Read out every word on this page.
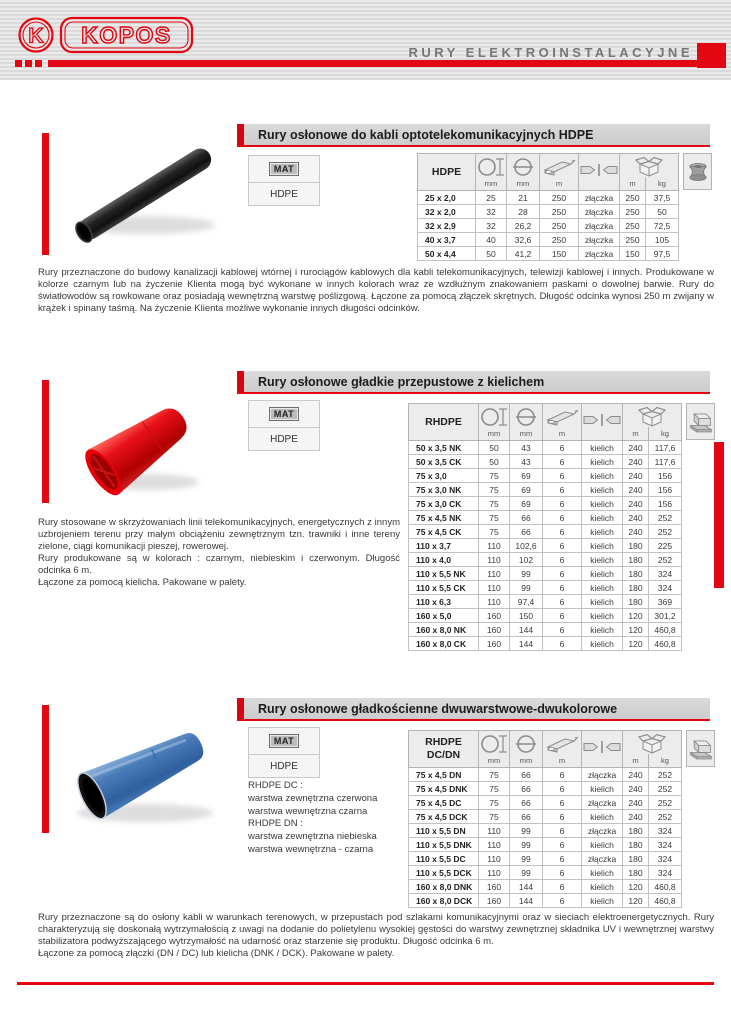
K KOPOS
RURY ELEKTROINSTALACYJNE
Rury osłonowe do kabli optotelekomunikacyjnych HDPE
MAT
HDPE
HDPE	

	mm	mm	m		m	kg
25 x 2,0	25	21	250	złączka	250	37,5
32 x 2,0	32	28	250	złączka	250	50
32 x 2,9	32	26,2	250	złączka	250	72,5
40 x 3,7	40	32,6	250	złączka	250	105
50 x 4,4	50	41,2	150	złączka	150	97,5

Rury przeznaczone do budowy kanalizacji kablowej wtórnej i rurociągów kablowych dla kabli telekomunikacyjnych, telewizji kablowej i innych. Produkowane w kolorze czarnym lub na życzenie Klienta mogą być wykonane w innych kolorach wraz ze wzdłużnym znakowaniem paskami o dowolnej barwie. Rury do światłowodów są rowkowane oraz posiadają wewnętrzną warstwę poślizgową. Łączone za pomocą złączek skrętnych. Długość odcinka wynosi 250 m zwijany w krążek i spinany taśmą. Na życzenie Klienta możliwe wykonanie innych długości odcinków.

Rury osłonowe gładkie przepustowe z kielichem
MAT
HDPE
RHDPE	

	mm	mm	m		m	kg
50 x 3,5 NK	50	43	6	kielich	240	117,6
50 x 3,5 CK	50	43	6	kielich	240	117,6
75 x 3,0	75	69	6	kielich	240	156
75 x 3,0 NK	75	69	6	kielich	240	156
75 x 3,0 CK	75	69	6	kielich	240	156
75 x 4,5 NK	75	66	6	kielich	240	252
75 x 4,5 CK	75	66	6	kielich	240	252
110 x 3,7	110	102,6	6	kielich	180	225
110 x 4,0	110	102	6	kielich	180	252
110 x 5,5 NK	110	99	6	kielich	180	324
110 x 5,5 CK	110	99	6	kielich	180	324
110 x 6,3	110	97,4	6	kielich	180	369
160 x 5,0	160	150	6	kielich	120	301,2
160 x 8,0 NK	160	144	6	kielich	120	460,8
160 x 8,0 CK	160	144	6	kielich	120	460,8

Rury stosowane w skrzyżowaniach linii telekomunikacyjnych, energetycznych z innym uzbrojeniem terenu przy małym obciążeniu zewnętrznym tzn. trawniki i inne tereny zielone, ciągi komunikacji pieszej, rowerowej.

Rury produkowane są w kolorach : czarnym, niebieskim i czerwonym. Długość odcinka 6 m.

Łączone za pomocą kielicha. Pakowane w palety.

Rury osłonowe gładkościenne dwuwarstwowe-dwukolorowe
MAT
HDPE
RHDPE DC :
warstwa zewnętrzna czerwona
warstwa wewnętrzna czarna
RHDPE DN :
warstwa zewnętrzna niebieska
warstwa wewnętrzna - czarna
RHDPE
DC/DN	

	mm	mm	m		m	kg
75 x 4,5 DN	75	66	6	złączka	240	252
75 x 4,5 DNK	75	66	6	kielich	240	252
75 x 4,5 DC	75	66	6	złączka	240	252
75 x 4,5 DCK	75	66	6	kielich	240	252
110 x 5,5 DN	110	99	6	złączka	180	324
110 x 5,5 DNK	110	99	6	kielich	180	324
110 x 5,5 DC	110	99	6	złączka	180	324
110 x 5,5 DCK	110	99	6	kielich	180	324
160 x 8,0 DNK	160	144	6	kielich	120	460,8
160 x 8,0 DCK	160	144	6	kielich	120	460,8

Rury przeznaczone są do osłony kabli w warunkach terenowych, w przepustach pod szlakami komunikacyjnymi oraz w sieciach elektroenergetycznych. Rury charakteryzują się doskonałą wytrzymałością z uwagi na dodanie do polietylenu wysokiej gęstości do warstwy zewnętrznej składnika UV i wewnętrznej warstwy stabilizatora podwyższającego wytrzymałość na udarność oraz starzenie się produktu. Długość odcinka 6 m.

Łączone za pomocą złączki (DN / DC) lub kielicha (DNK / DCK). Pakowane w palety.
